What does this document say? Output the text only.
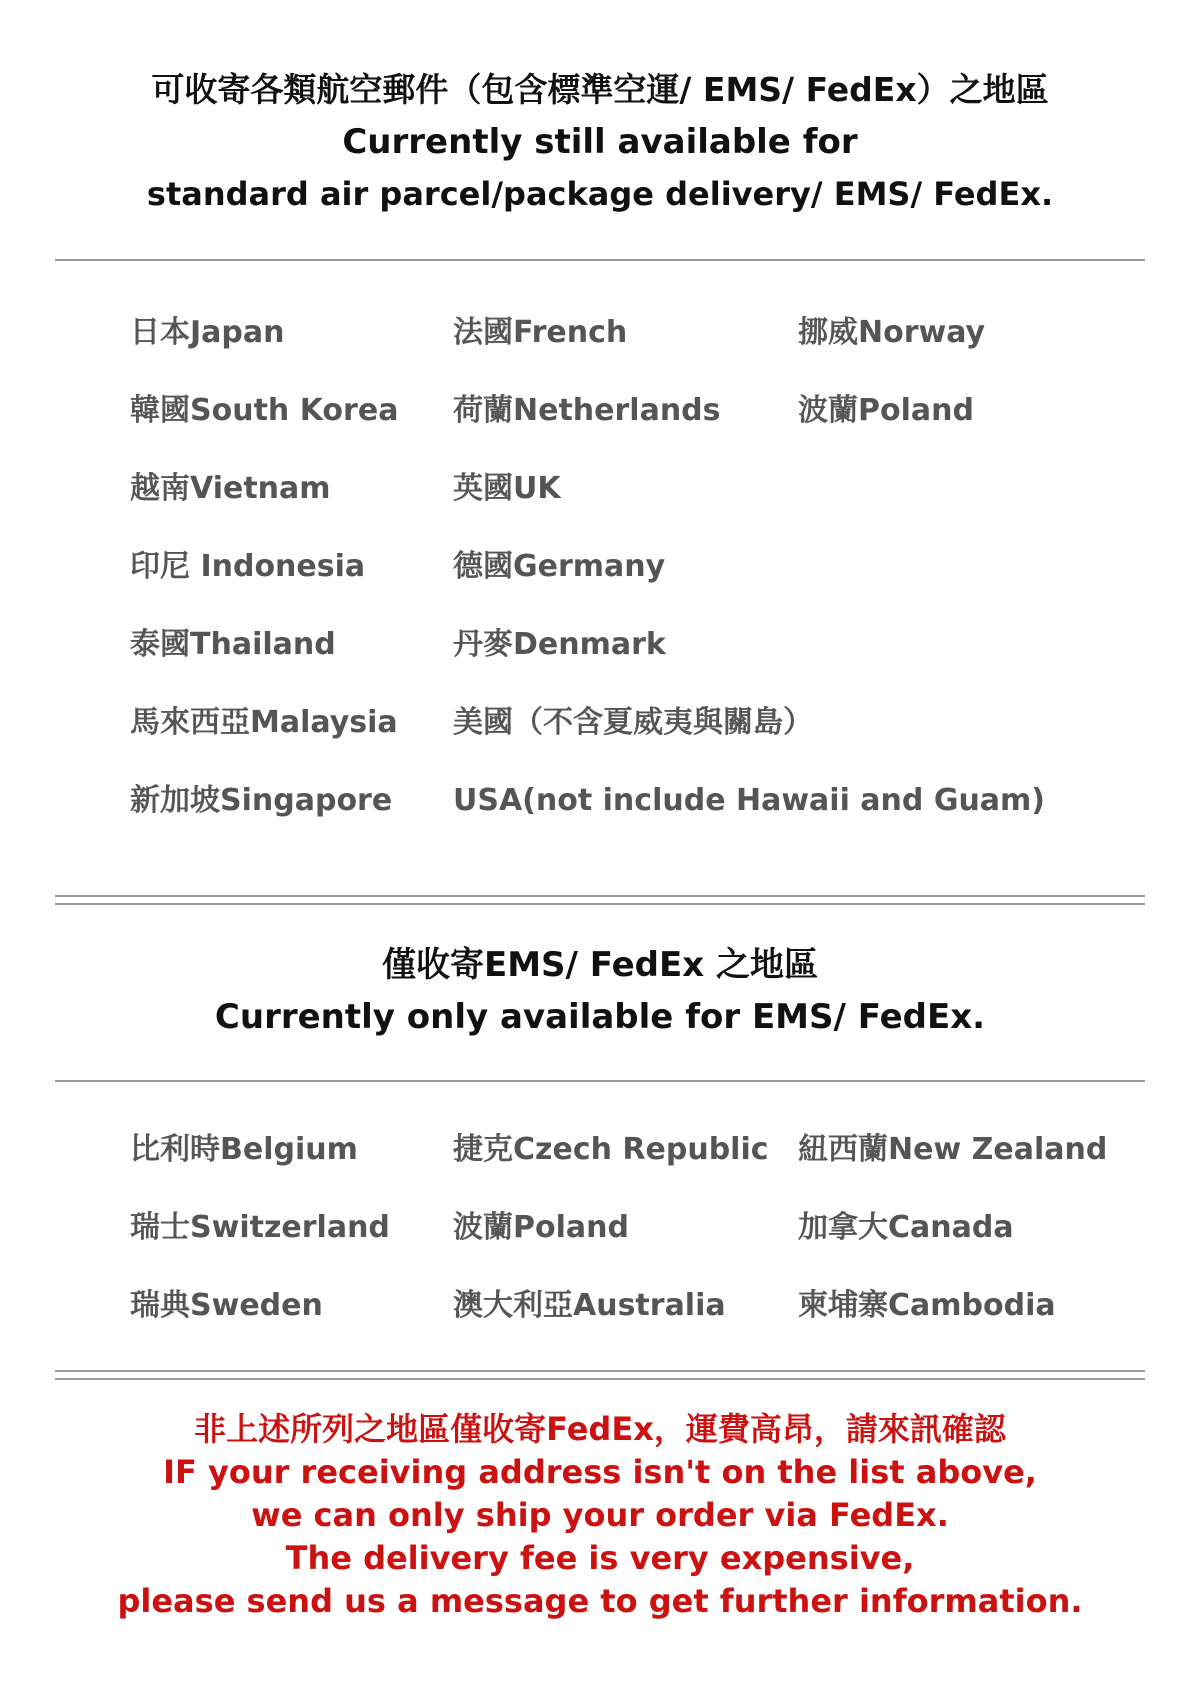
可收寄各類航空郵件（包含標準空運/ EMS/ FedEx）之地區
Currently still available for
standard air parcel/package delivery/ EMS/ FedEx.
日本Japan
韓國South Korea
越南Vietnam
印尼 Indonesia
泰國Thailand
馬來西亞Malaysia
新加坡Singapore
法國French
荷蘭Netherlands
英國UK
德國Germany
丹麥Denmark
美國（不含夏威夷與關島）
USA(not include Hawaii and Guam)
挪威Norway
波蘭Poland
僅收寄EMS/ FedEx 之地區
Currently only available for EMS/ FedEx.
比利時Belgium
瑞士Switzerland
瑞典Sweden
捷克Czech Republic
波蘭Poland
澳大利亞Australia
紐西蘭New Zealand
加拿大Canada
柬埔寨Cambodia
非上述所列之地區僅收寄FedEx，運費高昂，請來訊確認
IF your receiving address isn't on the list above,
we can only ship your order via FedEx.
The delivery fee is very expensive,
please send us a message to get further information.
